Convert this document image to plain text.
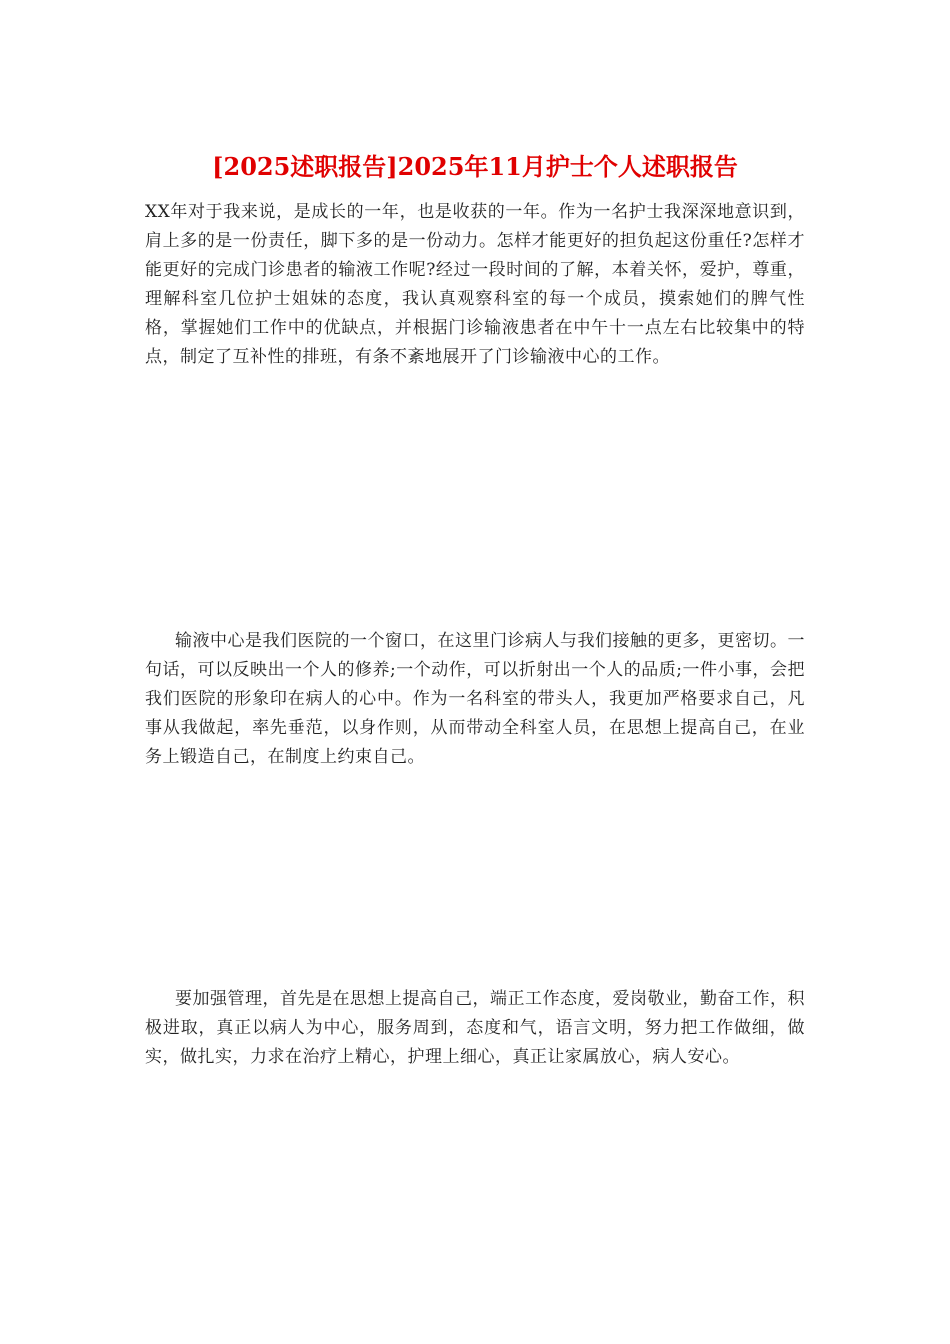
[2025述职报告]2025年11月护士个人述职报告

XX年对于我来说，是成长的一年，也是收获的一年。作为一名护士我深深地意识到，肩上多的是一份责任，脚下多的是一份动力。怎样才能更好的担负起这份重任?怎样才能更好的完成门诊患者的输液工作呢?经过一段时间的了解，本着关怀，爱护，尊重，理解科室几位护士姐妹的态度，我认真观察科室的每一个成员，摸索她们的脾气性格，掌握她们工作中的优缺点，并根据门诊输液患者在中午十一点左右比较集中的特点，制定了互补性的排班，有条不紊地展开了门诊输液中心的工作。

输液中心是我们医院的一个窗口，在这里门诊病人与我们接触的更多，更密切。一句话，可以反映出一个人的修养;一个动作，可以折射出一个人的品质;一件小事，会把我们医院的形象印在病人的心中。作为一名科室的带头人，我更加严格要求自己，凡事从我做起，率先垂范，以身作则，从而带动全科室人员，在思想上提高自己，在业务上锻造自己，在制度上约束自己。

要加强管理，首先是在思想上提高自己，端正工作态度，爱岗敬业，勤奋工作，积极进取，真正以病人为中心，服务周到，态度和气，语言文明，努力把工作做细，做实，做扎实，力求在治疗上精心，护理上细心，真正让家属放心，病人安心。
